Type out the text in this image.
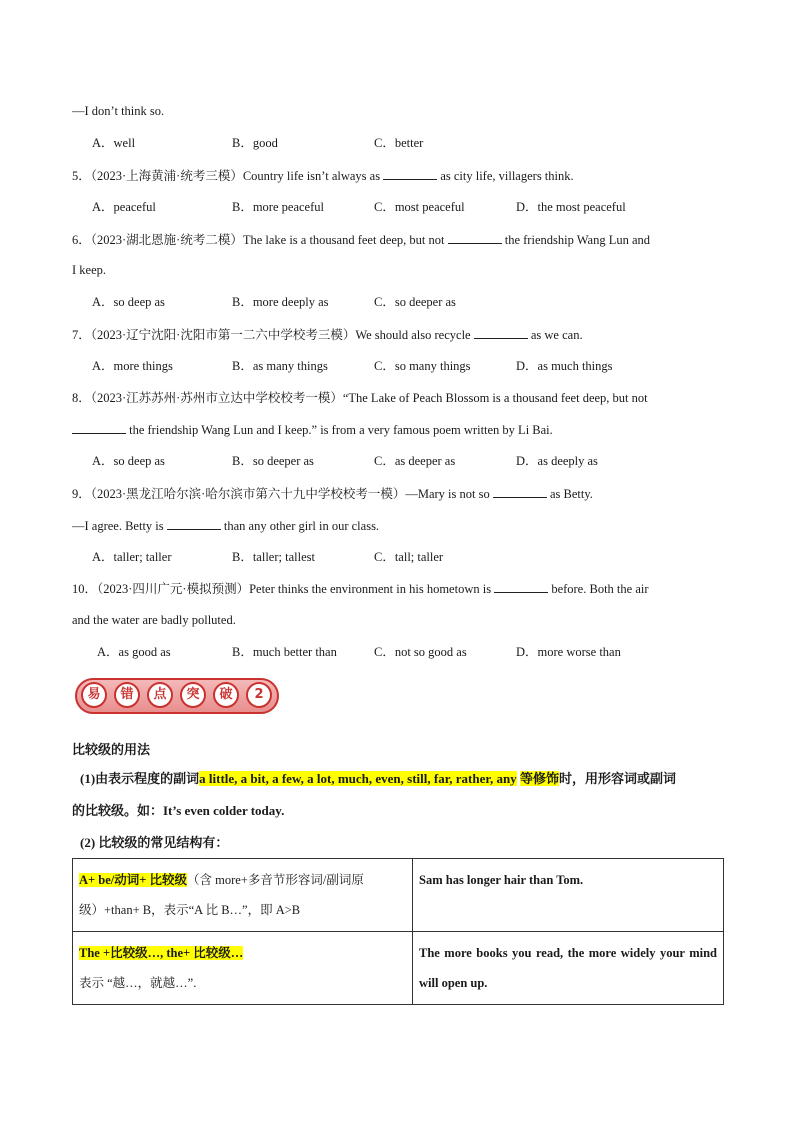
—I don’t think so.
A．well	B．good	C．better
5．（2023·上海黄浦·统考三模）Country life isn’t always as	as city life, villagers think.
A．peaceful	B．more peaceful	C．most peaceful	D．the most peaceful
6．（2023·湖北恩施·统考二模）The lake is a thousand feet deep, but not	the friendship Wang Lun and
I keep.
A．so deep as	B．more deeply as	C．so deeper as
7．（2023·辽宁沈阳·沈阳市第一二六中学校考三模）We should also recycle	as we can.
A．more things	B．as many things	C．so many things	D．as much things
8．（2023·江苏苏州·苏州市立达中学校校考一模）“The Lake of Peach Blossom is a thousand feet deep, but not
the friendship Wang Lun and I keep.” is from a very famous poem written by Li Bai.
A．so deep as	B．so deeper as	C．as deeper as	D．as deeply as
9．（2023·黑龙江哈尔滨·哈尔滨市第六十九中学校校考一模）—Mary is not so	as Betty.
—I agree. Betty is	than any other girl in our class.
A．taller; taller	B．taller; tallest	C．tall; taller
10．（2023·四川广元·模拟预测）Peter thinks the environment in his hometown is	before. Both the air
and the water are badly polluted.
A．as good as	B．much better than	C．not so good as	D．more worse than
易	错	点	突	破	2
比较级的用法
(1)由表示程度的副词a little, a bit, a few, a lot, much, even, still, far, rather, any 等修饰时，用形容词或副词
的比较级。如：It’s even colder today.
(2) 比较级的常见结构有：
A+ be/动词+ 比较级（含 more+多音节形容词/副词原
级）+than+ B，表示“A 比 B…”，即 A>B	Sam has longer hair than Tom.

The +比较级…, the+ 比较级…
表示 “越…，就越…”.	The more books you read, the more widely your mind will open up.
